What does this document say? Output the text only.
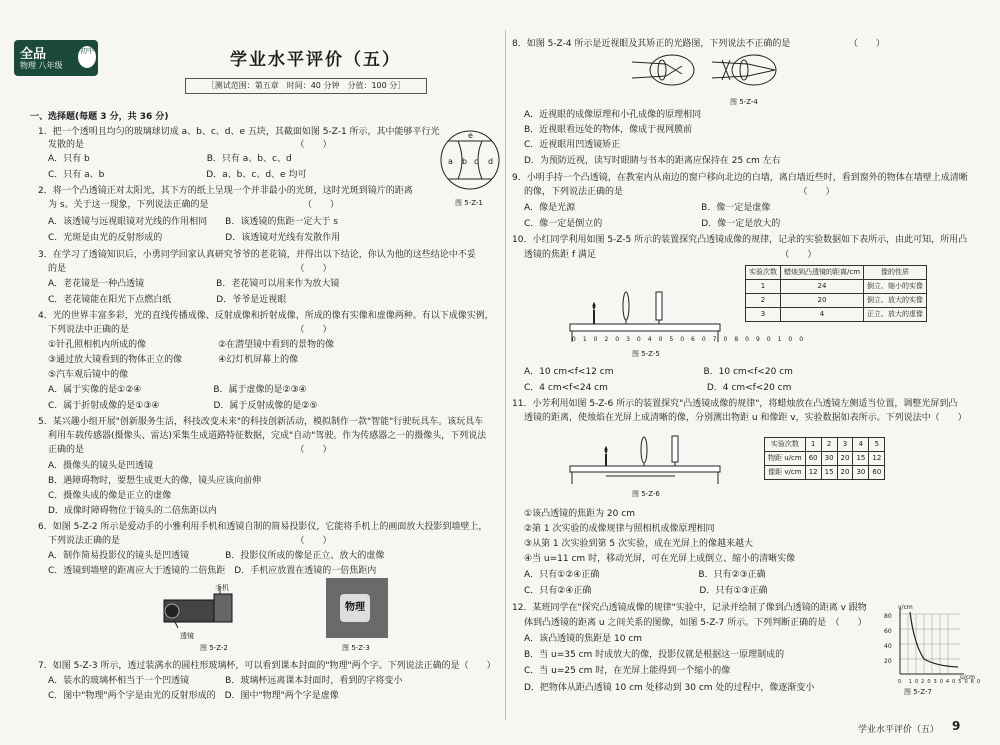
全品
物理 八年级
初中	学业水平评价（五）
［测试范围：第五章　时间：40 分钟　分值：100 分］
一、选择题(每题 3 分，共 36 分)
1．把一个透明且均匀的玻璃球切成 a、b、c、d、e 五块，其截面如图 5-Z-1 所示，其中能够平行光
发散的是　　　　　　　　　　　　　　　　　　　　　　　　（　　）
A．只有 b　　　　　　　　　　　　　B．只有 a、b、c、d
C．只有 a、b　　　　　　　　　　　 D．a、b、c、d、e 均可
2．将一个凸透镜正对太阳光，其下方的纸上呈现一个并非最小的光斑，这时光斑到镜片的距离
为 s。关于这一现象，下列说法正确的是　　　　　　　　　　　（　　）
A．该透镜与远视眼镜对光线的作用相同　　B．该透镜的焦距一定大于 s
C．光斑是由光的反射形成的　　　　　　　D．该透镜对光线有发散作用
3．在学习了透镜知识后，小勇同学回家认真研究爷爷的老花镜，并得出以下结论，你认为他的这些结论中不妥
的是　　　　　　　　　　　　　　　　　　　　　　　　　　（　　）
A．老花镜是一种凸透镜　　　　　　　　B．老花镜可以用来作为放大镜
C．老花镜能在阳光下点燃白纸　　　　　D．爷爷是近视眼
4．光的世界丰富多彩，光的直线传播成像、反射成像和折射成像，所成的像有实像和虚像两种。有以下成像实例，
下列说法中正确的是　　　　　　　　　　　　　　　　　　　（　　）
①针孔照相机内所成的像　　　　　　　　②在潜望镜中看到的景物的像
③通过放大镜看到的物体正立的像　　　　④幻灯机屏幕上的像
⑤汽车观后镜中的像
A．属于实像的是①②④　　　　　　　　B．属于虚像的是②③④
C．属于折射成像的是①③④　　　　　　D．属于反射成像的是②⑤
5．某兴趣小组开展"创新服务生活，科技改变未来"的科技创新活动，模拟制作一款"智能"行驶玩具车。该玩具车
利用车载传感器(摄像头、雷达)采集生成道路特征数据，完成"自动"驾驶。作为传感器之一的摄像头，下列说法
正确的是　　　　　　　　　　　　　　　　　　　　　　　　（　　）
A．摄像头的镜头是凹透镜
B．遇障碍物时，要想生成更大的像，镜头应该向前伸
C．摄像头成的像是正立的虚像
D．成像时障碍物位于镜头的二倍焦距以内
6．如图 5-Z-2 所示是爱动手的小雅利用手机和透镜自制的简易投影仪，它能将手机上的画面放大投影到墙壁上，
下列说法正确的是　　　　　　　　　　　　　　　　　　　　（　　）
A．制作简易投影仪的镜头是凹透镜　　　　B．投影仪所成的像是正立、放大的虚像
C．透镜到墙壁的距离应大于透镜的二倍焦距　D．手机应放置在透镜的一倍焦距内
7．如图 5-Z-3 所示，透过装满水的圆柱形玻璃杯，可以看到课本封面的"物理"两个字。下列说法正确的是（　　）
A．装水的玻璃杯相当于一个凹透镜　　　　B．玻璃杯远离课本封面时，看到的字将变小
C．图中"物理"两个字是由光的反射形成的　D．图中"物理"两个字是虚像
a b c d
e
图 5-Z-1
手机
透镜
图 5-Z-2
物理
图 5-Z-3
8．如图 5-Z-4 所示是近视眼及其矫正的光路图，下列说法不正确的是　　　　　　　（　　）
图 5-Z-4
A．近视眼的成像原理和小孔成像的原理相同
B．近视眼看远处的物体，像成于视网膜前
C．近视眼用凹透镜矫正
D．为预防近视，读写时眼睛与书本的距离应保持在 25 cm 左右
9．小明手持一个凸透镜，在教室内从南边的窗户移向北边的白墙，离白墙近些时，看到窗外的物体在墙壁上成清晰
的像，下列说法正确的是　　　　　　　　　　　　　　　　　　　　（　　）
A．像是光源　　　　　　　　　　　　　　B．像一定是虚像
C．像一定是倒立的　　　　　　　　　　　D．像一定是放大的
10．小红同学利用如图 5-Z-5 所示的装置探究凸透镜成像的规律，记录的实验数据如下表所示，由此可知，所用凸
透镜的焦距 f 满足　　　　　　　　　　　　　　　　　　　　　（　　）
0102030405060708090100
图 5-Z-5
实验次数	蜡烛到凸透镜的距离/cm	像的性质
1	24	倒立、缩小的实像
2	20	倒立、放大的实像
3	4	正立、放大的虚像
A．10 cm<f<12 cm　　　　　　　　　　B．10 cm<f<20 cm
C．4 cm<f<24 cm　　　　　　　　　　　D．4 cm<f<20 cm
11．小芳利用如图 5-Z-6 所示的装置探究"凸透镜成像的规律"，将蜡烛放在凸透镜左侧适当位置，调整光屏到凸
透镜的距离，使烛焰在光屏上成清晰的像，分别测出物距 u 和像距 v，实验数据如表所示。下列说法中（　　）
图 5-Z-6
实验次数	1	2	3	4	5
物距 u/cm	60	30	20	15	12
像距 v/cm	12	15	20	30	60
①该凸透镜的焦距为 20 cm
②第 1 次实验的成像规律与照相机成像原理相同
③从第 1 次实验到第 5 次实验，成在光屏上的像越来越大
④当 u=11 cm 时，移动光屏，可在光屏上成倒立、缩小的清晰实像
A．只有①②④正确　　　　　　　　　　　B．只有②③正确
C．只有②④正确　　　　　　　　　　　　D．只有①③正确
12．某班同学在"探究凸透镜成像的规律"实验中，记录并绘制了像到凸透镜的距离 v 跟物
体到凸透镜的距离 u 之间关系的图像，如图 5-Z-7 所示。下列判断正确的是　（　　）
A．该凸透镜的焦距是 10 cm
B．当 u=35 cm 时成放大的像，投影仪就是根据这一原理制成的
C．当 u=25 cm 时，在光屏上能得到一个缩小的像
D．把物体从距凸透镜 10 cm 处移动到 30 cm 处的过程中，像逐渐变小
v/cm
u/cm
80
60
40
20
0 102030405060
图 5-Z-7
学业水平评价（五） 9
